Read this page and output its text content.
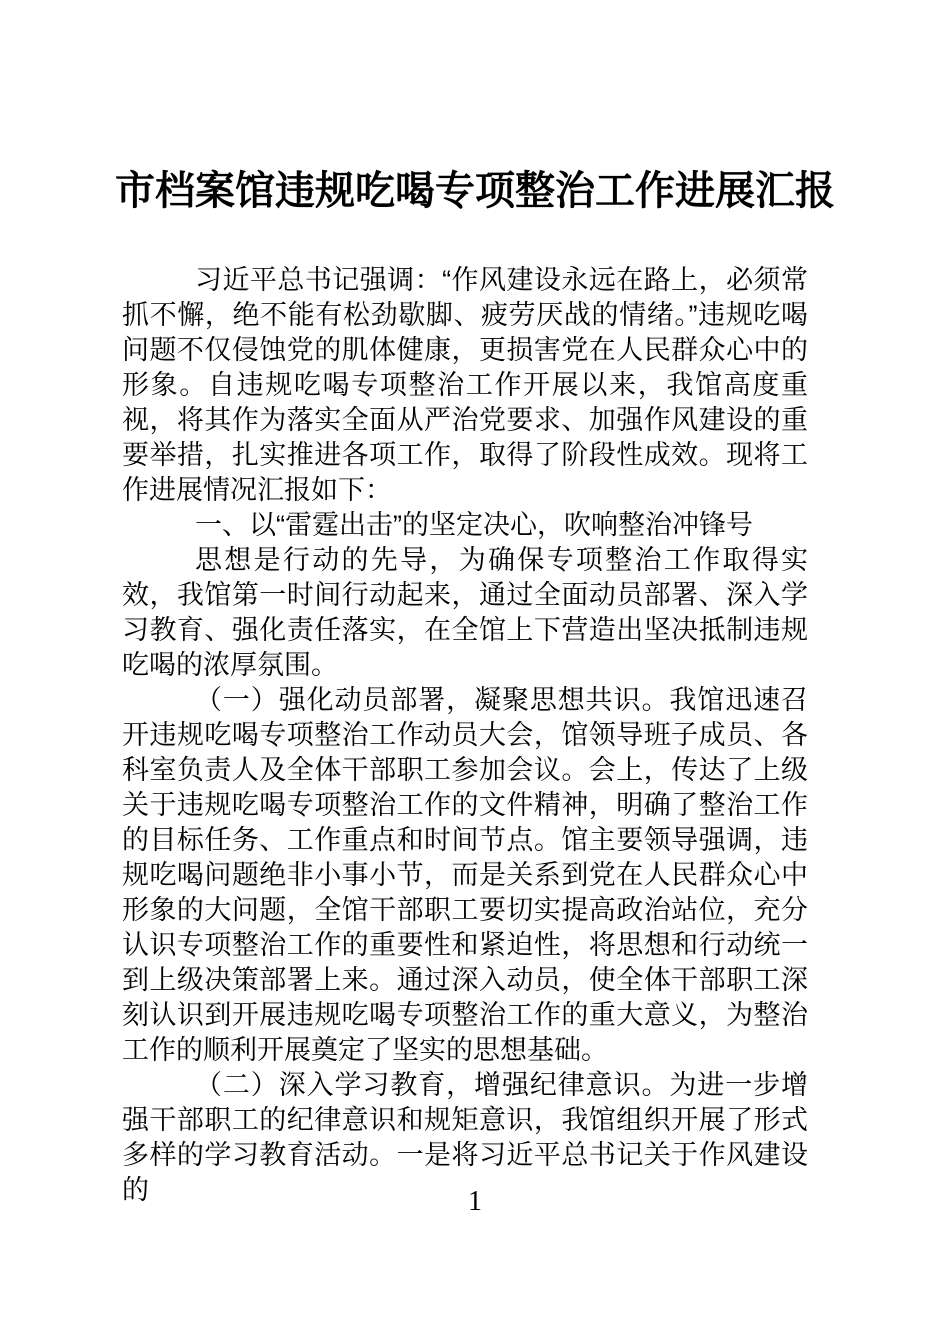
市档案馆违规吃喝专项整治工作进展汇报

习近平总书记强调：“作风建设永远在路上，必须常抓不懈，绝不能有松劲歇脚、疲劳厌战的情绪。”违规吃喝问题不仅侵蚀党的肌体健康，更损害党在人民群众心中的形象。自违规吃喝专项整治工作开展以来，我馆高度重视，将其作为落实全面从严治党要求、加强作风建设的重要举措，扎实推进各项工作，取得了阶段性成效。现将工作进展情况汇报如下：

一、以“雷霆出击”的坚定决心，吹响整治冲锋号

思想是行动的先导，为确保专项整治工作取得实效，我馆第一时间行动起来，通过全面动员部署、深入学习教育、强化责任落实，在全馆上下营造出坚决抵制违规吃喝的浓厚氛围。

（一）强化动员部署，凝聚思想共识。我馆迅速召开违规吃喝专项整治工作动员大会，馆领导班子成员、各科室负责人及全体干部职工参加会议。会上，传达了上级关于违规吃喝专项整治工作的文件精神，明确了整治工作的目标任务、工作重点和时间节点。馆主要领导强调，违规吃喝问题绝非小事小节，而是关系到党在人民群众心中形象的大问题，全馆干部职工要切实提高政治站位，充分认识专项整治工作的重要性和紧迫性，将思想和行动统一到上级决策部署上来。通过深入动员，使全体干部职工深刻认识到开展违规吃喝专项整治工作的重大意义，为整治工作的顺利开展奠定了坚实的思想基础。

（二）深入学习教育，增强纪律意识。为进一步增强干部职工的纪律意识和规矩意识，我馆组织开展了形式多样的学习教育活动。一是将习近平总书记关于作风建设的	1
